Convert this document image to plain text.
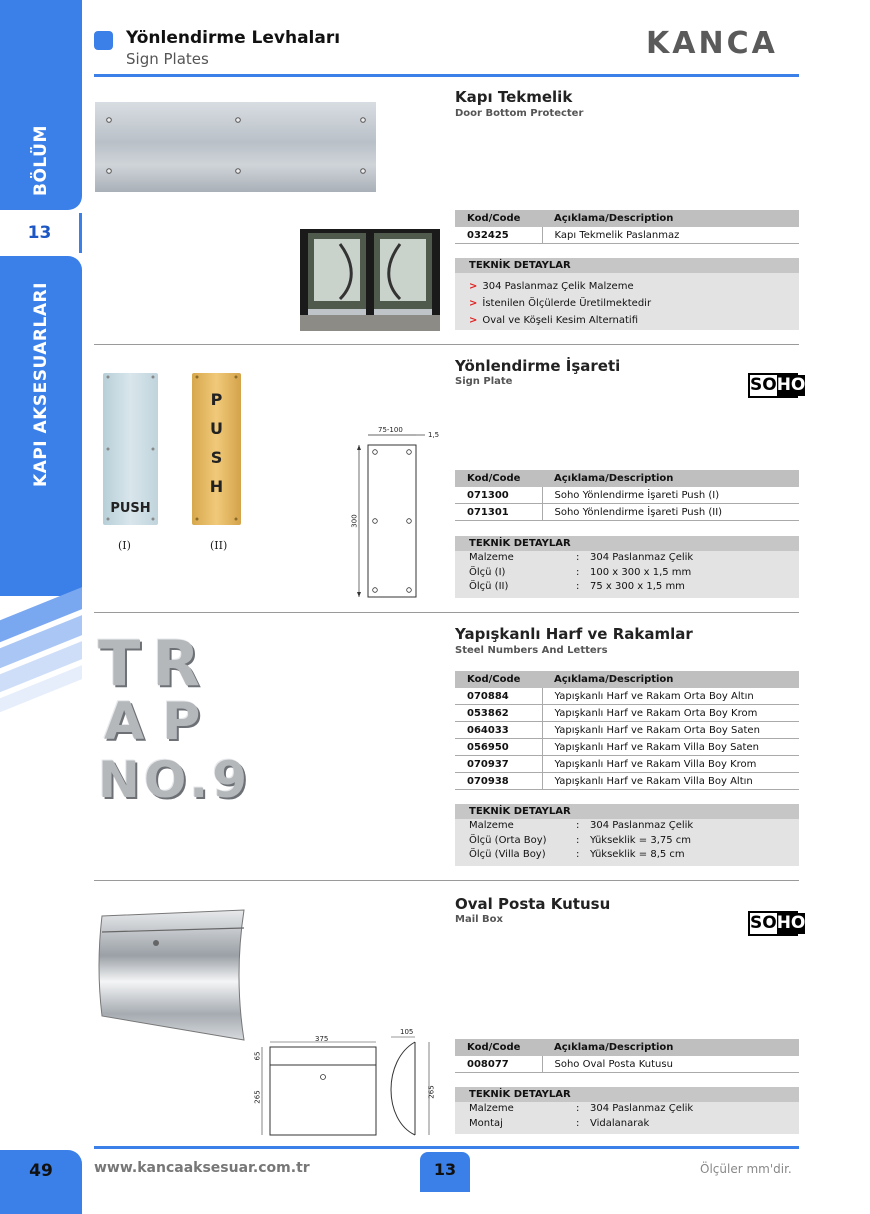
BÖLÜM
13
KAPI AKSESUARLARI
49
Yönlendirme Levhaları
Sign Plates	KANCA
Kapı Tekmelik
Door Bottom Protecter
Kod/Code	Açıklama/Description
032425	Kapı Tekmelik Paslanmaz
TEKNİK DETAYLAR
> 304 Paslanmaz Çelik Malzeme
> İstenilen Ölçülerde Üretilmektedir
> Oval ve Köşeli Kesim Alternatifi
PUSH
P
U
S
H
(I)	(II)
75-100
1,5
300
Yönlendirme İşareti
Sign Plate	SO HO
Kod/Code	Açıklama/Description
071300	Soho Yönlendirme İşareti Push (I)
071301	Soho Yönlendirme İşareti Push (II)
TEKNİK DETAYLAR
Malzeme	: 304 Paslanmaz Çelik
Ölçü (I)	: 100 x 300 x 1,5 mm
Ölçü (II)	: 75 x 300 x 1,5 mm
TR
AP
NO.9
Yapışkanlı Harf ve Rakamlar
Steel Numbers And Letters
Kod/Code	Açıklama/Description
070884	Yapışkanlı Harf ve Rakam Orta Boy Altın
053862	Yapışkanlı Harf ve Rakam Orta Boy Krom
064033	Yapışkanlı Harf ve Rakam Orta Boy Saten
056950	Yapışkanlı Harf ve Rakam Villa Boy Saten
070937	Yapışkanlı Harf ve Rakam Villa Boy Krom
070938	Yapışkanlı Harf ve Rakam Villa Boy Altın
TEKNİK DETAYLAR
Malzeme	: 304 Paslanmaz Çelik
Ölçü (Orta Boy)	: Yükseklik = 3,75 cm
Ölçü (Villa Boy)	: Yükseklik = 8,5 cm
375
65
265
105
265
Oval Posta Kutusu
Mail Box	SO HO
Kod/Code	Açıklama/Description
008077	Soho Oval Posta Kutusu
TEKNİK DETAYLAR
Malzeme	: 304 Paslanmaz Çelik
Montaj	: Vidalanarak
www.kancaaksesuar.com.tr	13	Ölçüler mm'dir.
